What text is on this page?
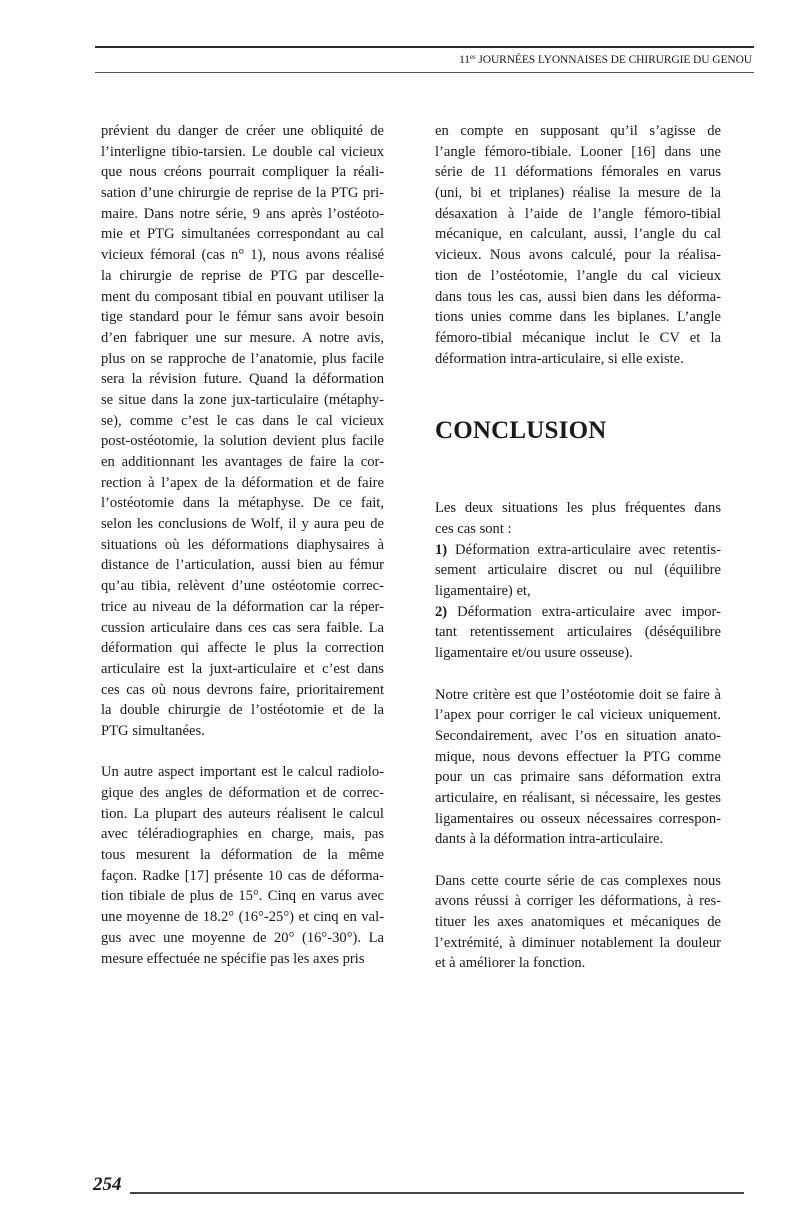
$11^{es}$ JOURNÉES LYONNAISES DE CHIRURGIE DU GENOU
prévient du danger de créer une obliquité de
l’interligne tibio-tarsien. Le double cal vicieux
que nous créons pourrait compliquer la réali-
sation d’une chirurgie de reprise de la PTG pri-
maire. Dans notre série, 9 ans après l’ostéoto-
mie et PTG simultanées correspondant au cal
vicieux fémoral (cas n° 1), nous avons réalisé
la chirurgie de reprise de PTG par descelle-
ment du composant tibial en pouvant utiliser la
tige standard pour le fémur sans avoir besoin
d’en fabriquer une sur mesure. A notre avis,
plus on se rapproche de l’anatomie, plus facile
sera la révision future. Quand la déformation
se situe dans la zone jux-tarticulaire (métaphy-
se), comme c’est le cas dans le cal vicieux
post-ostéotomie, la solution devient plus facile
en additionnant les avantages de faire la cor-
rection à l’apex de la déformation et de faire
l’ostéotomie dans la métaphyse. De ce fait,
selon les conclusions de Wolf, il y aura peu de
situations où les déformations diaphysaires à
distance de l’articulation, aussi bien au fémur
qu’au tibia, relèvent d’une ostéotomie correc-
trice au niveau de la déformation car la réper-
cussion articulaire dans ces cas sera faible. La
déformation qui affecte le plus la correction
articulaire est la juxt-articulaire et c’est dans
ces cas où nous devrons faire, prioritairement
la double chirurgie de l’ostéotomie et de la
PTG simultanées.
Un autre aspect important est le calcul radiolo-
gique des angles de déformation et de correc-
tion. La plupart des auteurs réalisent le calcul
avec téléradiographies en charge, mais, pas
tous mesurent la déformation de la même
façon. Radke [17] présente 10 cas de déforma-
tion tibiale de plus de 15°. Cinq en varus avec
une moyenne de 18.2° (16°-25°) et cinq en val-
gus avec une moyenne de 20° (16°-30°). La
mesure effectuée ne spécifie pas les axes pris
en compte en supposant qu’il s’agisse de
l’angle fémoro-tibiale. Looner [16] dans une
série de 11 déformations fémorales en varus
(uni, bi et triplanes) réalise la mesure de la
désaxation à l’aide de l’angle fémoro-tibial
mécanique, en calculant, aussi, l’angle du cal
vicieux. Nous avons calculé, pour la réalisa-
tion de l’ostéotomie, l’angle du cal vicieux
dans tous les cas, aussi bien dans les déforma-
tions unies comme dans les biplanes. L’angle
fémoro-tibial mécanique inclut le CV et la
déformation intra-articulaire, si elle existe.
CONCLUSION
Les deux situations les plus fréquentes dans
ces cas sont :
1) Déformation extra-articulaire avec retentis-
sement articulaire discret ou nul (équilibre
ligamentaire) et,
2) Déformation extra-articulaire avec impor-
tant retentissement articulaires (déséquilibre
ligamentaire et/ou usure osseuse).
Notre critère est que l’ostéotomie doit se faire à
l’apex pour corriger le cal vicieux uniquement.
Secondairement, avec l’os en situation anato-
mique, nous devons effectuer la PTG comme
pour un cas primaire sans déformation extra
articulaire, en réalisant, si nécessaire, les gestes
ligamentaires ou osseux nécessaires correspon-
dants à la déformation intra-articulaire.
Dans cette courte série de cas complexes nous
avons réussi à corriger les déformations, à res-
tituer les axes anatomiques et mécaniques de
l’extrémité, à diminuer notablement la douleur
et à améliorer la fonction.
254
